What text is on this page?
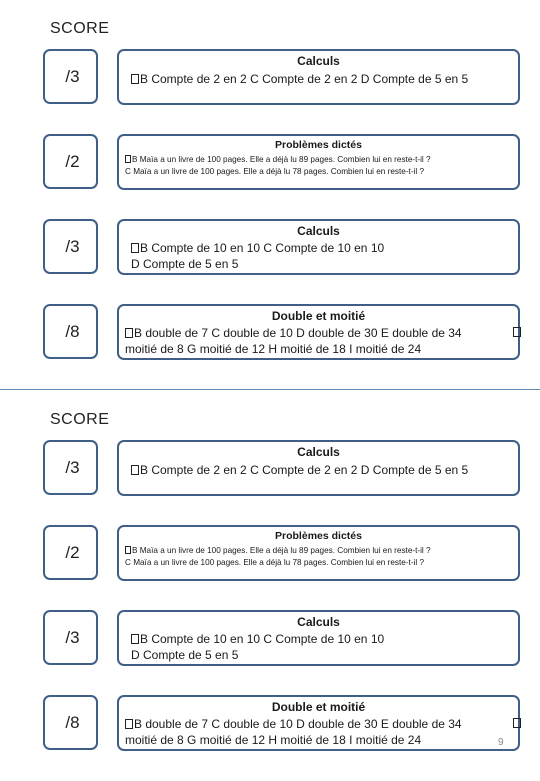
SCORE
/3
Calculs
B Compte de 2 en 2 C Compte de 2 en 2 D Compte de 5 en 5
/2
Problèmes dictés
B Maïa a un livre de 100 pages. Elle a déjà lu 89 pages. Combien lui en reste-t-il ?
C Maïa a un livre de 100 pages. Elle a déjà lu 78 pages. Combien lui en reste-t-il ?
/3
Calculs
B Compte de 10 en 10 C Compte de 10 en 10
D Compte de 5 en 5
/8
Double et moitié
B double de 7 C double de 10 D double de 30 E double de 34
moitié de 8 G moitié de 12 H moitié de 18 I moitié de 24
SCORE
/3
Calculs
B Compte de 2 en 2 C Compte de 2 en 2 D Compte de 5 en 5
/2
Problèmes dictés
B Maïa a un livre de 100 pages. Elle a déjà lu 89 pages. Combien lui en reste-t-il ?
C Maïa a un livre de 100 pages. Elle a déjà lu 78 pages. Combien lui en reste-t-il ?
/3
Calculs
B Compte de 10 en 10 C Compte de 10 en 10
D Compte de 5 en 5
/8
Double et moitié
B double de 7 C double de 10 D double de 30 E double de 34
moitié de 8 G moitié de 12 H moitié de 18 I moitié de 24	9
